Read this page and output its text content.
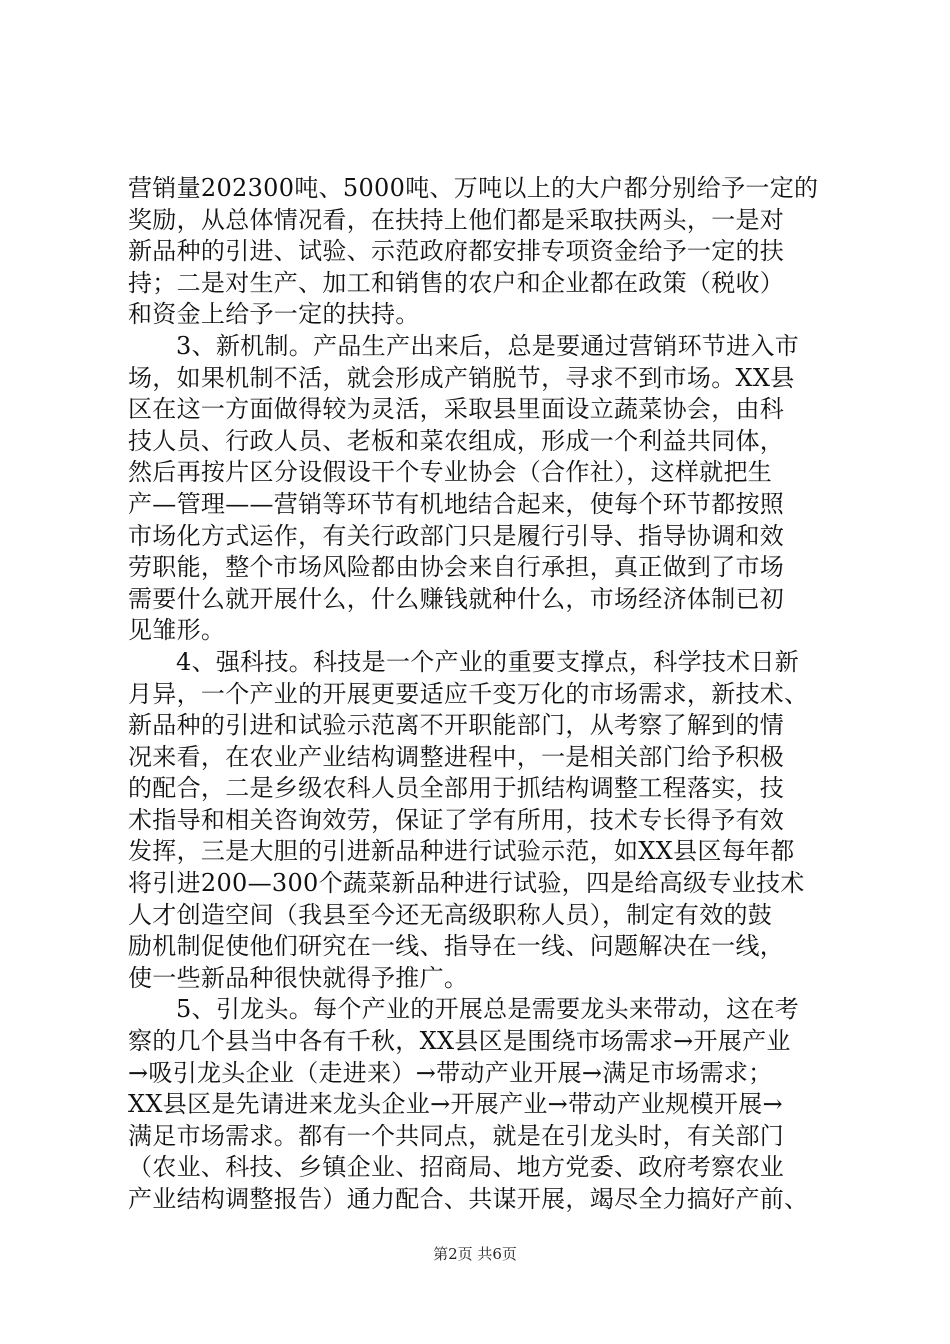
营销量202300吨、5000吨、万吨以上的大户都分别给予一定的
奖励，从总体情况看，在扶持上他们都是采取扶两头，一是对
新品种的引进、试验、示范政府都安排专项资金给予一定的扶
持；二是对生产、加工和销售的农户和企业都在政策（税收）
和资金上给予一定的扶持。
3、新机制。产品生产出来后，总是要通过营销环节进入市
场，如果机制不活，就会形成产销脱节，寻求不到市场。XX县
区在这一方面做得较为灵活，采取县里面设立蔬菜协会，由科
技人员、行政人员、老板和菜农组成，形成一个利益共同体，
然后再按片区分设假设干个专业协会（合作社），这样就把生
产—管理——营销等环节有机地结合起来，使每个环节都按照
市场化方式运作，有关行政部门只是履行引导、指导协调和效
劳职能，整个市场风险都由协会来自行承担，真正做到了市场
需要什么就开展什么，什么赚钱就种什么，市场经济体制已初
见雏形。
4、强科技。科技是一个产业的重要支撑点，科学技术日新
月异，一个产业的开展更要适应千变万化的市场需求，新技术、
新品种的引进和试验示范离不开职能部门，从考察了解到的情
况来看，在农业产业结构调整进程中，一是相关部门给予积极
的配合，二是乡级农科人员全部用于抓结构调整工程落实，技
术指导和相关咨询效劳，保证了学有所用，技术专长得予有效
发挥，三是大胆的引进新品种进行试验示范，如XX县区每年都
将引进200—300个蔬菜新品种进行试验，四是给高级专业技术
人才创造空间（我县至今还无高级职称人员），制定有效的鼓
励机制促使他们研究在一线、指导在一线、问题解决在一线，
使一些新品种很快就得予推广。
5、引龙头。每个产业的开展总是需要龙头来带动，这在考
察的几个县当中各有千秋，XX县区是围绕市场需求→开展产业
→吸引龙头企业（走进来）→带动产业开展→满足市场需求；
XX县区是先请进来龙头企业→开展产业→带动产业规模开展→
满足市场需求。都有一个共同点，就是在引龙头时，有关部门
（农业、科技、乡镇企业、招商局、地方党委、政府考察农业
产业结构调整报告）通力配合、共谋开展，竭尽全力搞好产前、
第2页 共6页
